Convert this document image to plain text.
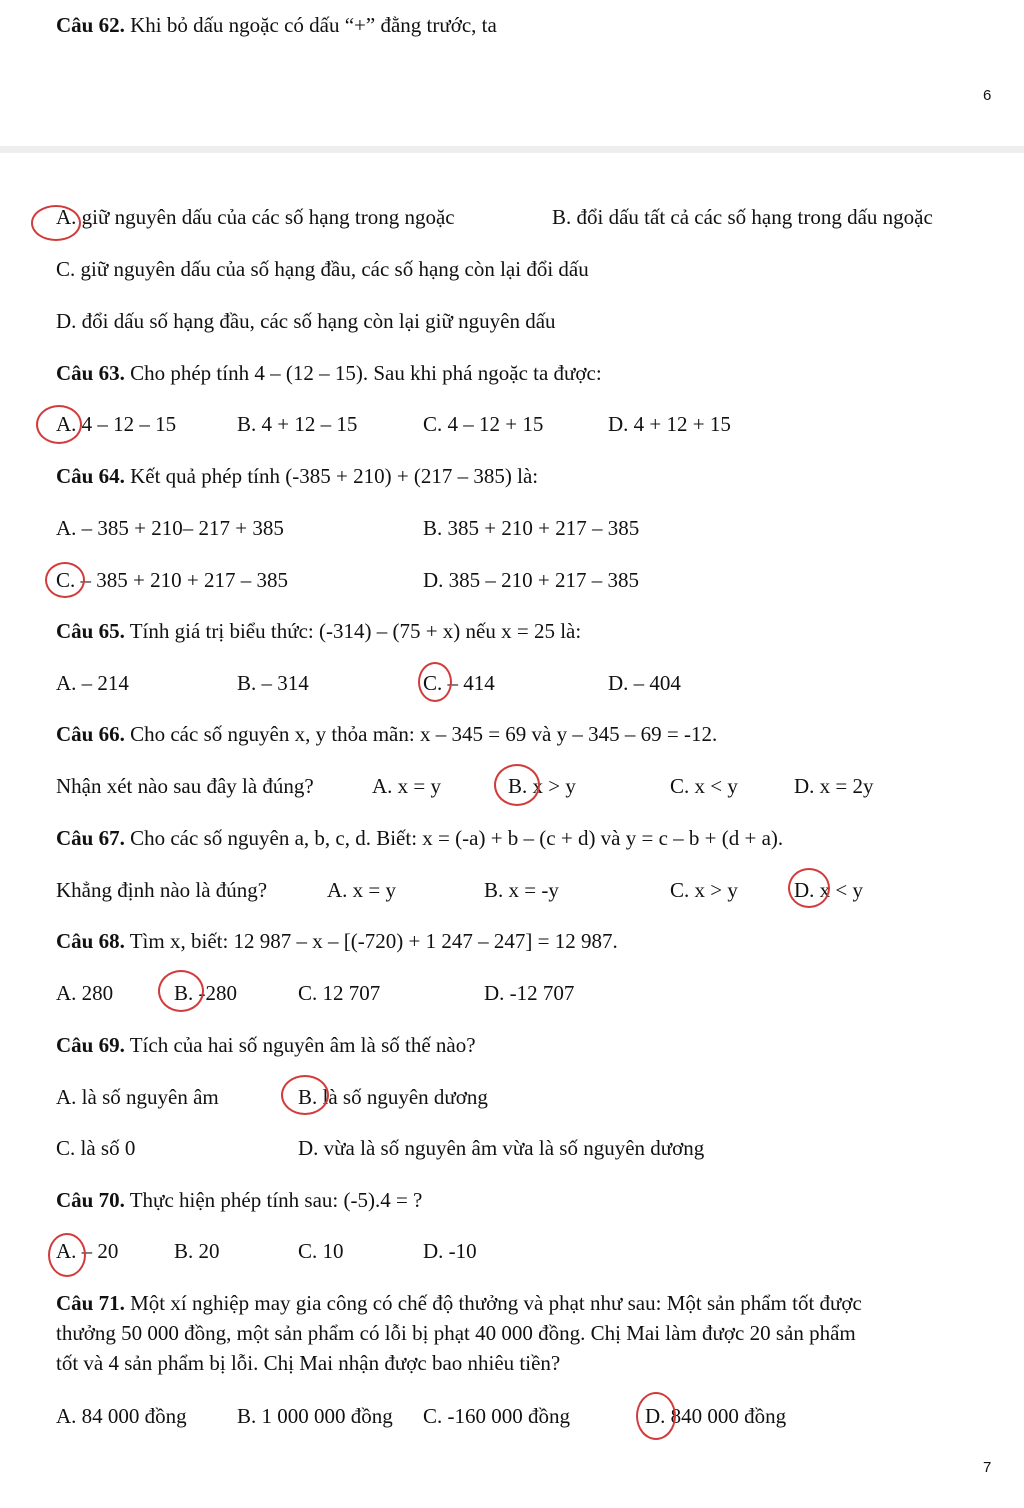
Câu 62. Khi bỏ dấu ngoặc có dấu “+” đằng trước, ta
6
A. giữ nguyên dấu của các số hạng trong ngoặc	B. đổi dấu tất cả các số hạng trong dấu ngoặc
C. giữ nguyên dấu của số hạng đầu, các số hạng còn lại đổi dấu
D. đổi dấu số hạng đầu, các số hạng còn lại giữ nguyên dấu
Câu 63. Cho phép tính 4 – (12 – 15). Sau khi phá ngoặc ta được:
A. 4 – 12 – 15	B. 4 + 12 – 15	C. 4 – 12 + 15	D. 4 + 12 + 15
Câu 64. Kết quả phép tính (-385 + 210) + (217 – 385) là:
A. – 385 + 210– 217 + 385	B. 385 + 210 + 217 – 385
C. – 385 + 210 + 217 – 385	D. 385 – 210 + 217 – 385
Câu 65. Tính giá trị biểu thức: (-314) – (75 + x) nếu x = 25 là:
A. – 214	B. – 314	C. – 414	D. – 404
Câu 66. Cho các số nguyên x, y thỏa mãn: x – 345 = 69 và y – 345 – 69 = -12.
Nhận xét nào sau đây là đúng?	A. x = y	B. x > y	C. x < y	D. x = 2y
Câu 67. Cho các số nguyên a, b, c, d. Biết: x = (-a) + b – (c + d) và y = c – b + (d + a).
Khẳng định nào là đúng?	A. x = y	B. x = -y	C. x > y	D. x < y
Câu 68. Tìm x, biết: 12 987 – x – [(-720) + 1 247 – 247] = 12 987.
A. 280	B. -280	C. 12 707	D. -12 707
Câu 69. Tích của hai số nguyên âm là số thế nào?
A. là số nguyên âm	B. là số nguyên dương
C. là số 0	D. vừa là số nguyên âm vừa là số nguyên dương
Câu 70. Thực hiện phép tính sau: (-5).4 = ?
A. – 20	B. 20	C. 10	D. -10
Câu 71. Một xí nghiệp may gia công có chế độ thưởng và phạt như sau: Một sản phẩm tốt được
thưởng 50 000 đồng, một sản phẩm có lỗi bị phạt 40 000 đồng. Chị Mai làm được 20 sản phẩm
tốt và 4 sản phẩm bị lỗi. Chị Mai nhận được bao nhiêu tiền?
A. 84 000 đồng B. 1 000 000 đồng C. -160 000 đồng	D. 840 000 đồng
7
